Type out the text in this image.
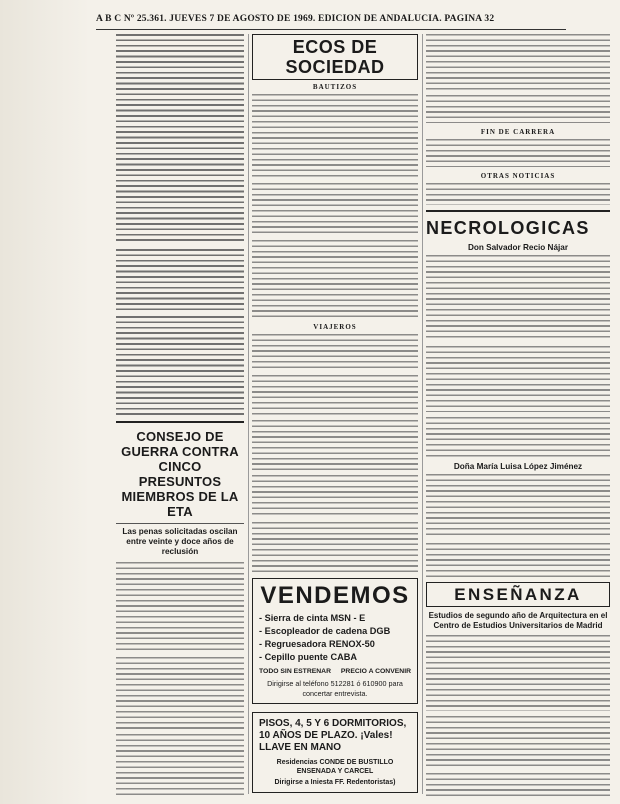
A B C Nº 25.361. JUEVES 7 DE AGOSTO DE 1969. EDICION DE ANDALUCIA. PAGINA 32
CONSEJO DE GUERRA CONTRA CINCO PRESUNTOS MIEMBROS DE LA ETA
Las penas solicitadas oscilan entre veinte y doce años de reclusión
ECOS DE SOCIEDAD
BAUTIZOS
VIAJEROS
VENDEMOS
- Sierra de cinta MSN - E
- Escopleador de cadena DGB
- Regruesadora RENOX-50
- Cepillo puente CABA
TODO SIN ESTRENAR PRECIO A CONVENIR
Dirigirse al teléfono 512281 ó 610900 para concertar entrevista.
PISOS, 4, 5 Y 6 DORMITORIOS, 10 AÑOS DE PLAZO. ¡Vales! LLAVE EN MANO
Residencias CONDE DE BUSTILLO ENSENADA Y CARCEL
Dirigirse a Iniesta FF. Redentoristas)
FIN DE CARRERA
OTRAS NOTICIAS
NECROLOGICAS
Don Salvador Recio Nájar
Doña María Luisa López Jiménez
ENSEÑANZA
Estudios de segundo año de Arquitectura en el Centro de Estudios Universitarios de Madrid
